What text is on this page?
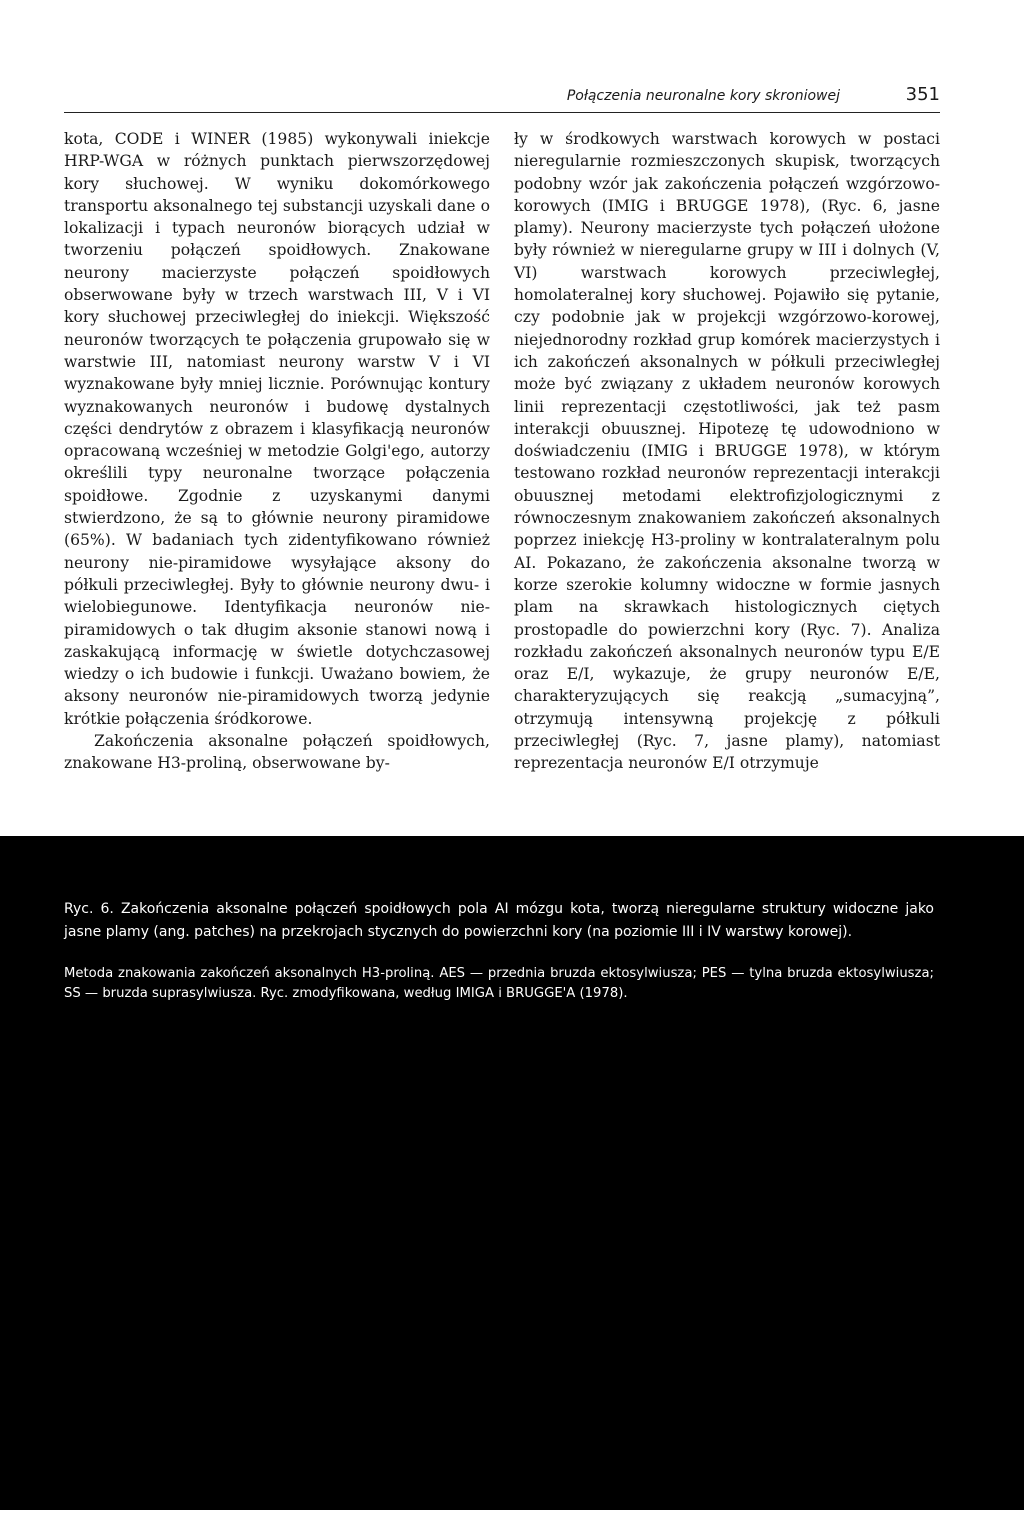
Połączenia neuronalne kory skroniowej	351

kota, CODE i WINER (1985) wykonywali iniekcje HRP-WGA w różnych punktach pierwszorzędowej kory słuchowej. W wyniku dokomórkowego transportu aksonalnego tej substancji uzyskali dane o lokalizacji i typach neuronów biorących udział w tworzeniu połączeń spoidłowych. Znakowane neurony macierzyste połączeń spoidłowych obserwowane były w trzech warstwach III, V i VI kory słuchowej przeciwległej do iniekcji. Większość neuronów tworzących te połączenia grupowało się w warstwie III, natomiast neurony warstw V i VI wyznakowane były mniej licznie. Porównując kontury wyznakowanych neuronów i budowę dystalnych części dendrytów z obrazem i klasyfikacją neuronów opracowaną wcześniej w metodzie Golgi'ego, autorzy określili typy neuronalne tworzące połączenia spoidłowe. Zgodnie z uzyskanymi danymi stwierdzono, że są to głównie neurony piramidowe (65%). W badaniach tych zidentyfikowano również neurony nie-piramidowe wysyłające aksony do półkuli przeciwległej. Były to głównie neurony dwu- i wielobiegunowe. Identyfikacja neuronów nie-piramidowych o tak długim aksonie stanowi nową i zaskakującą informację w świetle dotychczasowej wiedzy o ich budowie i funkcji. Uważano bowiem, że aksony neuronów nie-piramidowych tworzą jedynie krótkie połączenia śródkorowe.

Zakończenia aksonalne połączeń spoidłowych, znakowane H3-proliną, obserwowane by-

ły w środkowych warstwach korowych w postaci nieregularnie rozmieszczonych skupisk, tworzących podobny wzór jak zakończenia połączeń wzgórzowo-korowych (IMIG i BRUGGE 1978), (Ryc. 6, jasne plamy). Neurony macierzyste tych połączeń ułożone były również w nieregularne grupy w III i dolnych (V, VI) warstwach korowych przeciwległej, homolateralnej kory słuchowej. Pojawiło się pytanie, czy podobnie jak w projekcji wzgórzowo-korowej, niejednorodny rozkład grup komórek macierzystych i ich zakończeń aksonalnych w półkuli przeciwległej może być związany z układem neuronów korowych linii reprezentacji częstotliwości, jak też pasm interakcji obuusznej. Hipotezę tę udowodniono w doświadczeniu (IMIG i BRUGGE 1978), w którym testowano rozkład neuronów reprezentacji interakcji obuusznej metodami elektrofizjologicznymi z równoczesnym znakowaniem zakończeń aksonalnych poprzez iniekcję H3-proliny w kontralateralnym polu AI. Pokazano, że zakończenia aksonalne tworzą w korze szerokie kolumny widoczne w formie jasnych plam na skrawkach histologicznych ciętych prostopadle do powierzchni kory (Ryc. 7). Analiza rozkładu zakończeń aksonalnych neuronów typu E/E oraz E/I, wykazuje, że grupy neuronów E/E, charakteryzujących się reakcją „sumacyjną”, otrzymują intensywną projekcję z półkuli przeciwległej (Ryc. 7, jasne plamy), natomiast reprezentacja neuronów E/I otrzymuje

Ryc. 6. Zakończenia aksonalne połączeń spoidłowych pola AI mózgu kota, tworzą nieregularne struktury widoczne jako jasne plamy (ang. patches) na przekrojach stycznych do powierzchni kory (na poziomie III i IV warstwy korowej).

Metoda znakowania zakończeń aksonalnych H3-proliną. AES — przednia bruzda ektosylwiusza; PES — tylna bruzda ektosylwiusza; SS — bruzda suprasylwiusza. Ryc. zmodyfikowana, według IMIGA i BRUGGE'A (1978).
